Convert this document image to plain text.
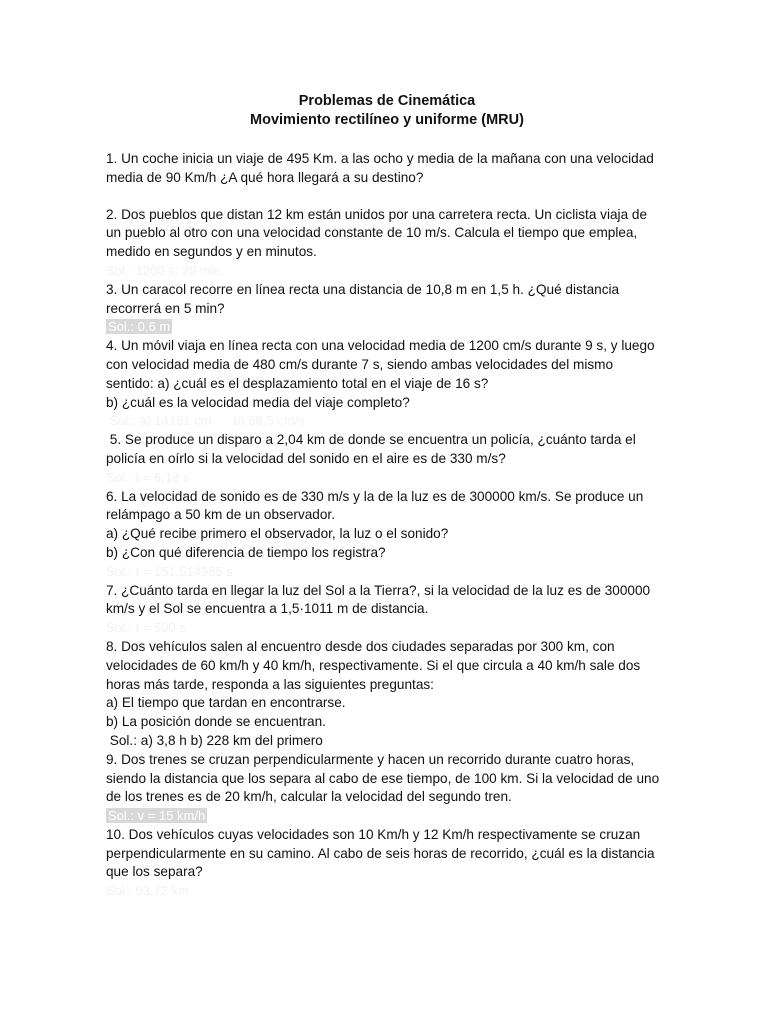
Problemas de Cinemática
Movimiento rectilíneo y uniforme (MRU)

1. Un coche inicia un viaje de 495 Km. a las ocho y media de la mañana con una velocidad

media de 90 Km/h ¿A qué hora llegará a su destino?

2. Dos pueblos que distan 12 km están unidos por una carretera recta. Un ciclista viaja de

un pueblo al otro con una velocidad constante de 10 m/s. Calcula el tiempo que emplea,

medido en segundos y en minutos.

Sol.: 1200 s; 20 min.

3. Un caracol recorre en línea recta una distancia de 10,8 m en 1,5 h. ¿Qué distancia

recorrerá en 5 min?

Sol.: 0,6 m

4. Un móvil viaja en línea recta con una velocidad media de 1200 cm/s durante 9 s, y luego

con velocidad media de 480 cm/s durante 7 s, siendo ambas velocidades del mismo

sentido: a) ¿cuál es el desplazamiento total en el viaje de 16 s?

b) ¿cuál es la velocidad media del viaje completo?

Sol.: a) 14161 cm      b) 88,5 cm/s

5. Se produce un disparo a 2,04 km de donde se encuentra un policía, ¿cuánto tarda el

policía en oírlo si la velocidad del sonido en el aire es de 330 m/s?

Sol.: t = 6,18 s

6. La velocidad de sonido es de 330 m/s y la de la luz es de 300000 km/s. Se produce un

relámpago a 50 km de un observador.

a) ¿Qué recibe primero el observador, la luz o el sonido?

b) ¿Con qué diferencia de tiempo los registra?

Sol.: t = 151,514985 s

7. ¿Cuánto tarda en llegar la luz del Sol a la Tierra?, si la velocidad de la luz es de 300000

km/s y el Sol se encuentra a 1,5·1011 m de distancia.

Sol.: t = 500 s

8. Dos vehículos salen al encuentro desde dos ciudades separadas por 300 km, con

velocidades de 60 km/h y 40 km/h, respectivamente. Si el que circula a 40 km/h sale dos

horas más tarde, responda a las siguientes preguntas:

a) El tiempo que tardan en encontrarse.

b) La posición donde se encuentran.

Sol.: a) 3,8 h b) 228 km del primero

9. Dos trenes se cruzan perpendicularmente y hacen un recorrido durante cuatro horas,

siendo la distancia que los separa al cabo de ese tiempo, de 100 km. Si la velocidad de uno

de los trenes es de 20 km/h, calcular la velocidad del segundo tren.

Sol.: v = 15 km/h

10. Dos vehículos cuyas velocidades son 10 Km/h y 12 Km/h respectivamente se cruzan

perpendicularmente en su camino. Al cabo de seis horas de recorrido, ¿cuál es la distancia

que los separa?

Sol.: 93,72 km.
